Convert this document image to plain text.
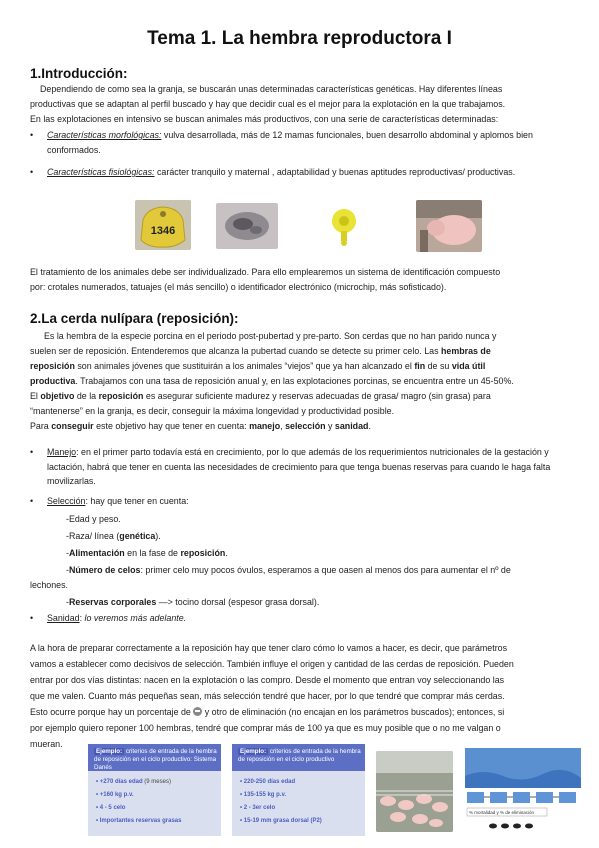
Tema 1. La hembra reproductora I
1.Introducción:

Dependiendo de como sea la granja, se buscarán unas determinadas características genéticas. Hay diferentes líneas

productivas que se adaptan al perfil buscado y hay que decidir cual es el mejor para la explotación en la que trabajamos.

En las explotaciones en intensivo se buscan animales más productivos, con una serie de características determinadas:

•	Características morfológicas: vulva desarrollada, más de 12 mamas funcionales, buen desarrollo abdominal y aplomos bien conformados.
•	Características fisiológicas: carácter tranquilo y maternal , adaptabilidad y buenas aptitudes reproductivas/ productivas.
1346

El tratamiento de los animales debe ser individualizado. Para ello emplearemos un sistema de identificación compuesto

por: crotales numerados, tatuajes (el más sencillo) o identificador electrónico (microchip, más sofisticado).

2.La cerda nulípara (reposición):

Es la hembra de la especie porcina en el periodo post-pubertad y pre-parto. Son cerdas que no han parido nunca y

suelen ser de reposición. Entenderemos que alcanza la pubertad cuando se detecte su primer celo. Las hembras de

reposición son animales jóvenes que sustituirán a los animales “viejos” que ya han alcanzado el fin de su vida útil

productiva. Trabajamos con una tasa de reposición anual y, en las explotaciones porcinas, se encuentra entre un 45-50%.

El objetivo de la reposición es asegurar suficiente madurez y reservas adecuadas de grasa/ magro (sin grasa) para

“mantenerse” en la granja, es decir, conseguir la máxima longevidad y productividad posible.

Para conseguir este objetivo hay que tener en cuenta: manejo, selección y sanidad.

•	Manejo: en el primer parto todavía está en crecimiento, por lo que además de los requerimientos nutricionales de la gestación y lactación, habrá que tener en cuenta las necesidades de crecimiento para que tenga buenas reservas para cuando le haga falta movilizarlas.
•	Selección: hay que tener en cuenta:
-Edad y peso.
-Raza/ línea (genética).
-Alimentación en la fase de reposición.
-Número de celos: primer celo muy pocos óvulos, esperamos a que oasen al menos dos para aumentar el nº de

lechones.

-Reservas corporales —> tocino dorsal (espesor grasa dorsal).
•	Sanidad: lo veremos más adelante.

A la hora de preparar correctamente a la reposición hay que tener claro cómo lo vamos a hacer, es decir, que parámetros

vamos a establecer como decisivos de selección. También influye el origen y cantidad de las cerdas de reposición. Pueden

entrar por dos vías distintas: nacen en la explotación o las compro. Desde el momento que entran voy seleccionando las

que me valen. Cuanto más pequeñas sean, más selección tendré que hacer, por lo que tendré que comprar más cerdas.

Esto ocurre porque hay un porcentaje de  y otro de eliminación (no encajan en los parámetros buscados); entonces, si

por ejemplo quiero reponer 100 hembras, tendré que comprar más de 100 ya que es muy posible que o no me valgan o

mueran.

Ejemplo: criterios de entrada de la hembra de reposición en el ciclo productivo: Sistema Danés
• +270 días edad (9 meses)
• +160 kg p.v.
• 4 - 5 celo
• Importantes reservas grasas
Ejemplo: criterios de entrada de la hembra de reposición en el ciclo productivo
• 220-250 días edad
• 135-155 kg p.v.
• 2 - 3er celo
• 15-19 mm grasa dorsal (P2)
% mortalidad y % de eliminación
